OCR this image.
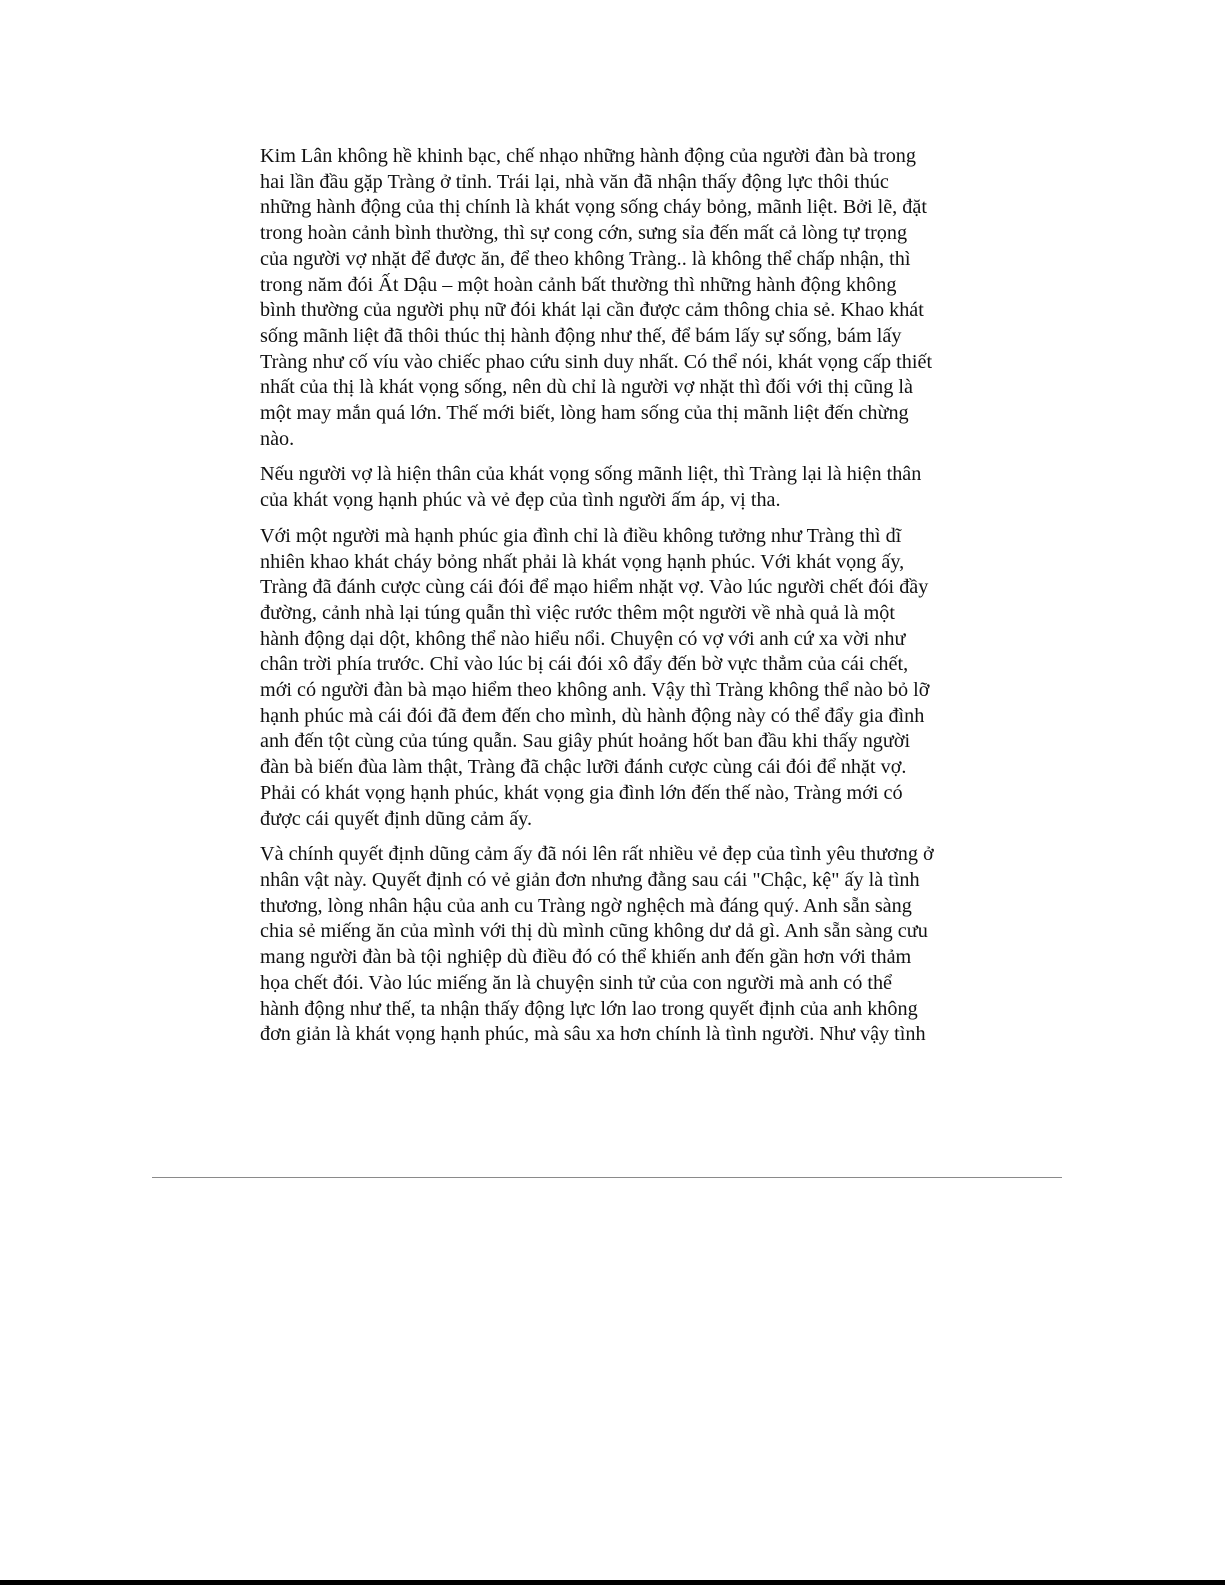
Kim Lân không hề khinh bạc, chế nhạo những hành động của người đàn bà trong
hai lần đầu gặp Tràng ở tỉnh. Trái lại, nhà văn đã nhận thấy động lực thôi thúc
những hành động của thị chính là khát vọng sống cháy bỏng, mãnh liệt. Bởi lẽ, đặt
trong hoàn cảnh bình thường, thì sự cong cớn, sưng sỉa đến mất cả lòng tự trọng
của người vợ nhặt để được ăn, để theo không Tràng.. là không thể chấp nhận, thì
trong năm đói Ất Dậu – một hoàn cảnh bất thường thì những hành động không
bình thường của người phụ nữ đói khát lại cần được cảm thông chia sẻ. Khao khát
sống mãnh liệt đã thôi thúc thị hành động như thế, để bám lấy sự sống, bám lấy
Tràng như cố víu vào chiếc phao cứu sinh duy nhất. Có thể nói, khát vọng cấp thiết
nhất của thị là khát vọng sống, nên dù chỉ là người vợ nhặt thì đối với thị cũng là
một may mắn quá lớn. Thế mới biết, lòng ham sống của thị mãnh liệt đến chừng
nào.

Nếu người vợ là hiện thân của khát vọng sống mãnh liệt, thì Tràng lại là hiện thân
của khát vọng hạnh phúc và vẻ đẹp của tình người ấm áp, vị tha.

Với một người mà hạnh phúc gia đình chỉ là điều không tưởng như Tràng thì dĩ
nhiên khao khát cháy bỏng nhất phải là khát vọng hạnh phúc. Với khát vọng ấy,
Tràng đã đánh cược cùng cái đói để mạo hiểm nhặt vợ. Vào lúc người chết đói đầy
đường, cảnh nhà lại túng quẫn thì việc rước thêm một người về nhà quả là một
hành động dại dột, không thể nào hiểu nổi. Chuyện có vợ với anh cứ xa vời như
chân trời phía trước. Chỉ vào lúc bị cái đói xô đẩy đến bờ vực thẳm của cái chết,
mới có người đàn bà mạo hiểm theo không anh. Vậy thì Tràng không thể nào bỏ lỡ
hạnh phúc mà cái đói đã đem đến cho mình, dù hành động này có thể đẩy gia đình
anh đến tột cùng của túng quẫn. Sau giây phút hoảng hốt ban đầu khi thấy người
đàn bà biến đùa làm thật, Tràng đã chậc lưỡi đánh cược cùng cái đói để nhặt vợ.
Phải có khát vọng hạnh phúc, khát vọng gia đình lớn đến thế nào, Tràng mới có
được cái quyết định dũng cảm ấy.

Và chính quyết định dũng cảm ấy đã nói lên rất nhiều vẻ đẹp của tình yêu thương ở
nhân vật này. Quyết định có vẻ giản đơn nhưng đằng sau cái "Chậc, kệ" ấy là tình
thương, lòng nhân hậu của anh cu Tràng ngờ nghệch mà đáng quý. Anh sẵn sàng
chia sẻ miếng ăn của mình với thị dù mình cũng không dư dả gì. Anh sẵn sàng cưu
mang người đàn bà tội nghiệp dù điều đó có thể khiến anh đến gần hơn với thảm
họa chết đói. Vào lúc miếng ăn là chuyện sinh tử của con người mà anh có thể
hành động như thế, ta nhận thấy động lực lớn lao trong quyết định của anh không
đơn giản là khát vọng hạnh phúc, mà sâu xa hơn chính là tình người. Như vậy tình
